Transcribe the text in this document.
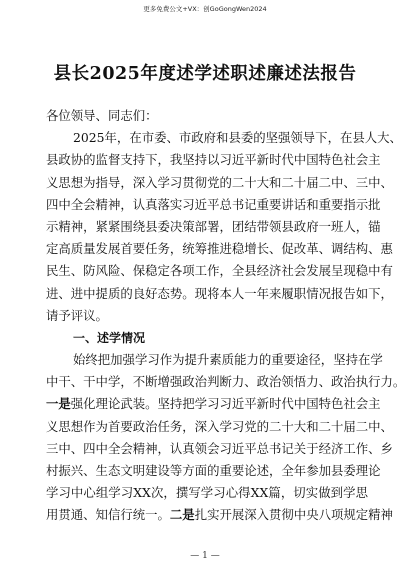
更多免费公文+VX：创GoGongWen2024
县长2025年度述学述职述廉述法报告
各位领导、同志们：
2025年，在市委、市政府和县委的坚强领导下，在县人大、
县政协的监督支持下，我坚持以习近平新时代中国特色社会主
义思想为指导，深入学习贯彻党的二十大和二十届二中、三中、
四中全会精神，认真落实习近平总书记重要讲话和重要指示批
示精神，紧紧围绕县委决策部署，团结带领县政府一班人，锚
定高质量发展首要任务，统筹推进稳增长、促改革、调结构、惠
民生、防风险、保稳定各项工作，全县经济社会发展呈现稳中有
进、进中提质的良好态势。现将本人一年来履职情况报告如下，
请予评议。
一、述学情况
始终把加强学习作为提升素质能力的重要途径，坚持在学
中干、干中学，不断增强政治判断力、政治领悟力、政治执行力。
一是强化理论武装。坚持把学习习近平新时代中国特色社会主
义思想作为首要政治任务，深入学习党的二十大和二十届二中、
三中、四中全会精神，认真领会习近平总书记关于经济工作、乡
村振兴、生态文明建设等方面的重要论述，全年参加县委理论
学习中心组学习XX次，撰写学习心得XX篇，切实做到学思
用贯通、知信行统一。二是扎实开展深入贯彻中央八项规定精神
— 1 —
